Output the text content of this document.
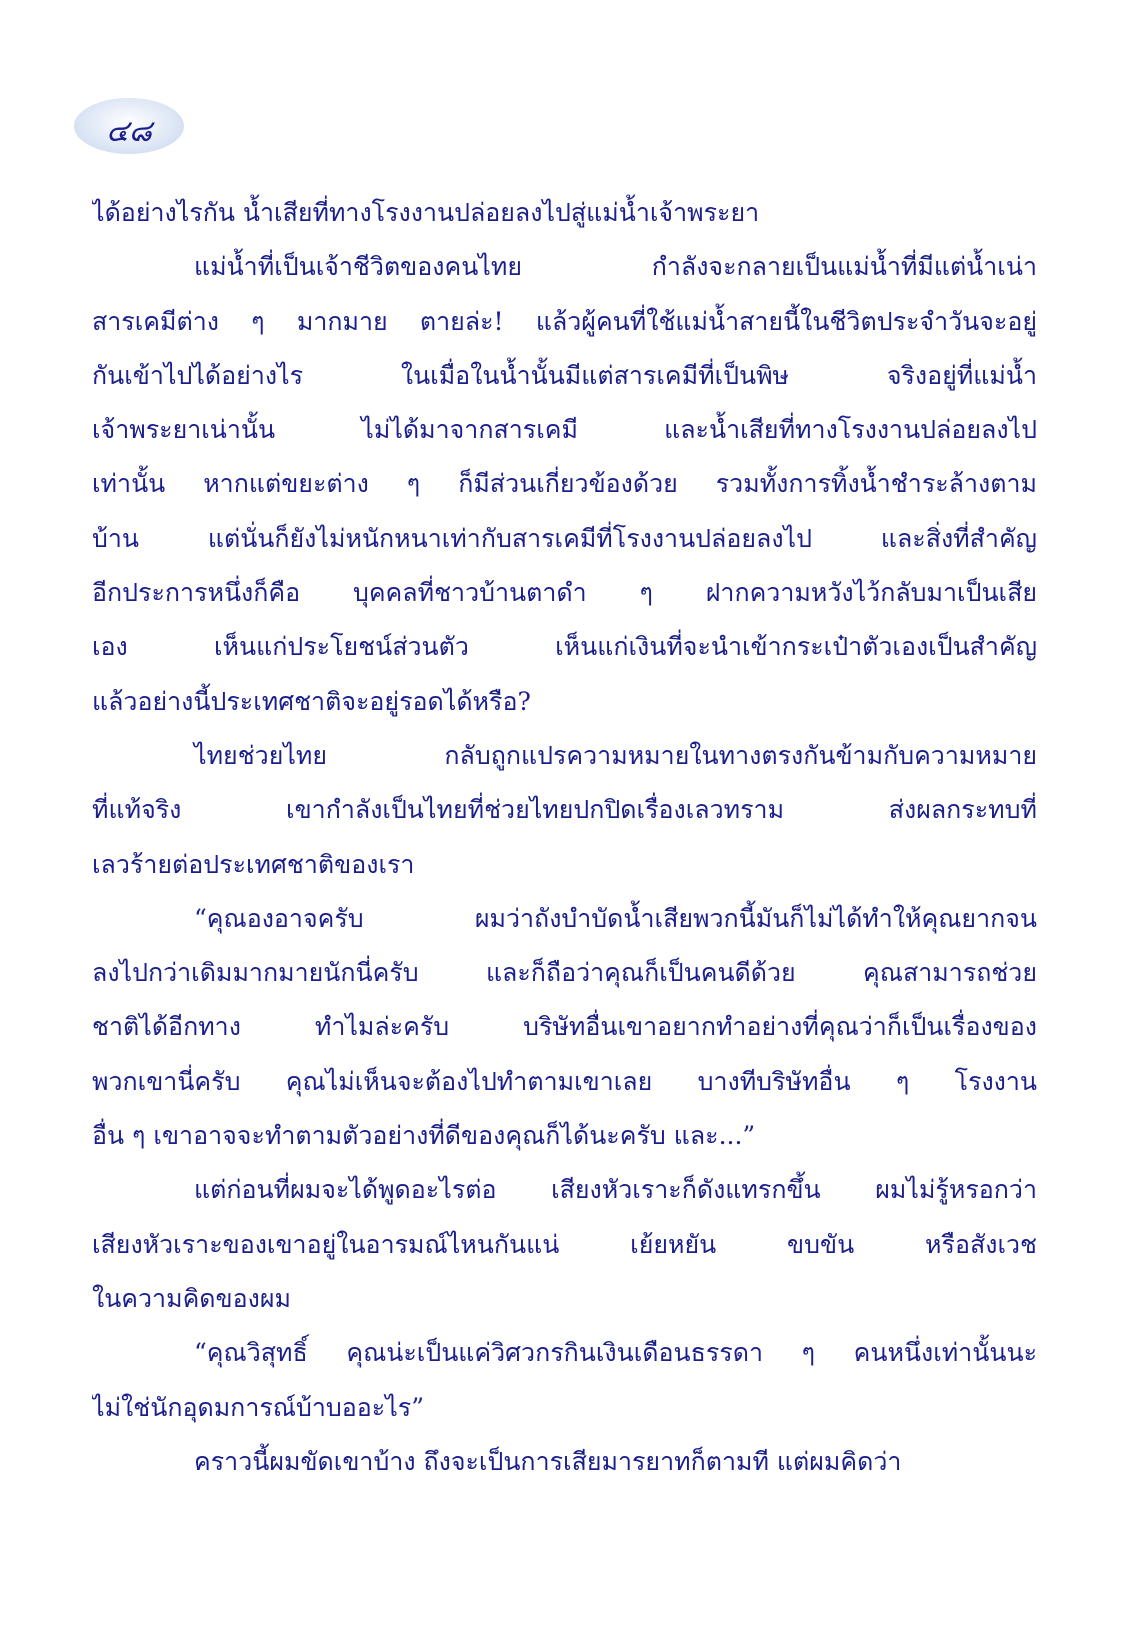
๔๘
ได้อย่างไรกัน น้ำเสียที่ทางโรงงานปล่อยลงไปสู่แม่น้ำเจ้าพระยา
แม่น้ำที่เป็นเจ้าชีวิตของคนไทย กำลังจะกลายเป็นแม่น้ำที่มีแต่น้ำเน่า
สารเคมีต่าง ๆ มากมาย ตายล่ะ! แล้วผู้คนที่ใช้แม่น้ำสายนี้ในชีวิตประจำวันจะอยู่
กันเข้าไปได้อย่างไร ในเมื่อในน้ำนั้นมีแต่สารเคมีที่เป็นพิษ จริงอยู่ที่แม่น้ำ
เจ้าพระยาเน่านั้น ไม่ได้มาจากสารเคมี และน้ำเสียที่ทางโรงงานปล่อยลงไป
เท่านั้น หากแต่ขยะต่าง ๆ ก็มีส่วนเกี่ยวข้องด้วย รวมทั้งการทิ้งน้ำชำระล้างตาม
บ้าน แต่นั่นก็ยังไม่หนักหนาเท่ากับสารเคมีที่โรงงานปล่อยลงไป และสิ่งที่สำคัญ
อีกประการหนึ่งก็คือ บุคคลที่ชาวบ้านตาดำ ๆ ฝากความหวังไว้กลับมาเป็นเสีย
เอง เห็นแก่ประโยชน์ส่วนตัว เห็นแก่เงินที่จะนำเข้ากระเป๋าตัวเองเป็นสำคัญ
แล้วอย่างนี้ประเทศชาติจะอยู่รอดได้หรือ?
ไทยช่วยไทย กลับถูกแปรความหมายในทางตรงกันข้ามกับความหมาย
ที่แท้จริง เขากำลังเป็นไทยที่ช่วยไทยปกปิดเรื่องเลวทราม ส่งผลกระทบที่
เลวร้ายต่อประเทศชาติของเรา
“คุณองอาจครับ ผมว่าถังบำบัดน้ำเสียพวกนี้มันก็ไม่ได้ทำให้คุณยากจน
ลงไปกว่าเดิมมากมายนักนี่ครับ และก็ถือว่าคุณก็เป็นคนดีด้วย คุณสามารถช่วย
ชาติได้อีกทาง ทำไมล่ะครับ บริษัทอื่นเขาอยากทำอย่างที่คุณว่าก็เป็นเรื่องของ
พวกเขานี่ครับ คุณไม่เห็นจะต้องไปทำตามเขาเลย บางทีบริษัทอื่น ๆ โรงงาน
อื่น ๆ เขาอาจจะทำตามตัวอย่างที่ดีของคุณก็ได้นะครับ และ...”
แต่ก่อนที่ผมจะได้พูดอะไรต่อ เสียงหัวเราะก็ดังแทรกขึ้น ผมไม่รู้หรอกว่า
เสียงหัวเราะของเขาอยู่ในอารมณ์ไหนกันแน่ เย้ยหยัน ขบขัน หรือสังเวช
ในความคิดของผม
“คุณวิสุทธิ์ คุณน่ะเป็นแค่วิศวกรกินเงินเดือนธรรดา ๆ คนหนึ่งเท่านั้นนะ
ไม่ใช่นักอุดมการณ์บ้าบออะไร”
คราวนี้ผมขัดเขาบ้าง ถึงจะเป็นการเสียมารยาทก็ตามที แต่ผมคิดว่า
